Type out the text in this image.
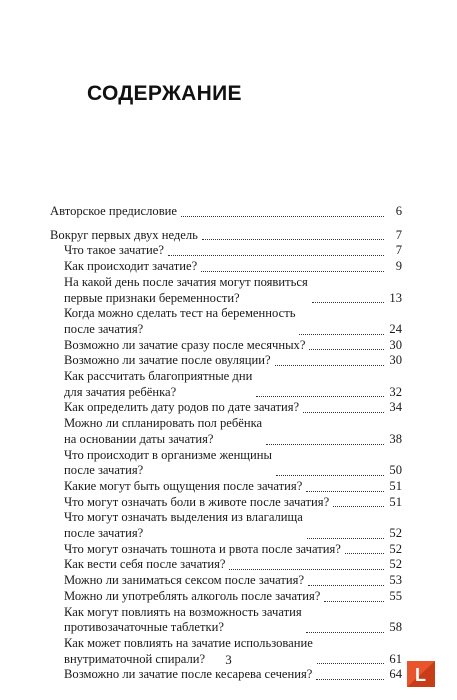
СОДЕРЖАНИЕ
Авторское предисловие	6
Вокруг первых двух недель	7
Что такое зачатие?	7
Как происходит зачатие?	9
На какой день после зачатия могут появиться
первые признаки беременности?	13
Когда можно сделать тест на беременность
после зачатия?	24
Возможно ли зачатие сразу после месячных?	30
Возможно ли зачатие после овуляции?	30
Как рассчитать благоприятные дни
для зачатия ребёнка?	32
Как определить дату родов по дате зачатия?	34
Можно ли спланировать пол ребёнка
на основании даты зачатия?	38
Что происходит в организме женщины
после зачатия?	50
Какие могут быть ощущения после зачатия?	51
Что могут означать боли в животе после зачатия?	51
Что могут означать выделения из влагалища
после зачатия?	52
Что могут означать тошнота и рвота после зачатия?	52
Как вести себя после зачатия?	52
Можно ли заниматься сексом после зачатия?	53
Можно ли употреблять алкоголь после зачатия?	55
Как могут повлиять на возможность зачатия
противозачаточные таблетки?	58
Как может повлиять на зачатие использование
внутриматочной спирали?	61
Возможно ли зачатие после кесарева сечения?	64
3
L
